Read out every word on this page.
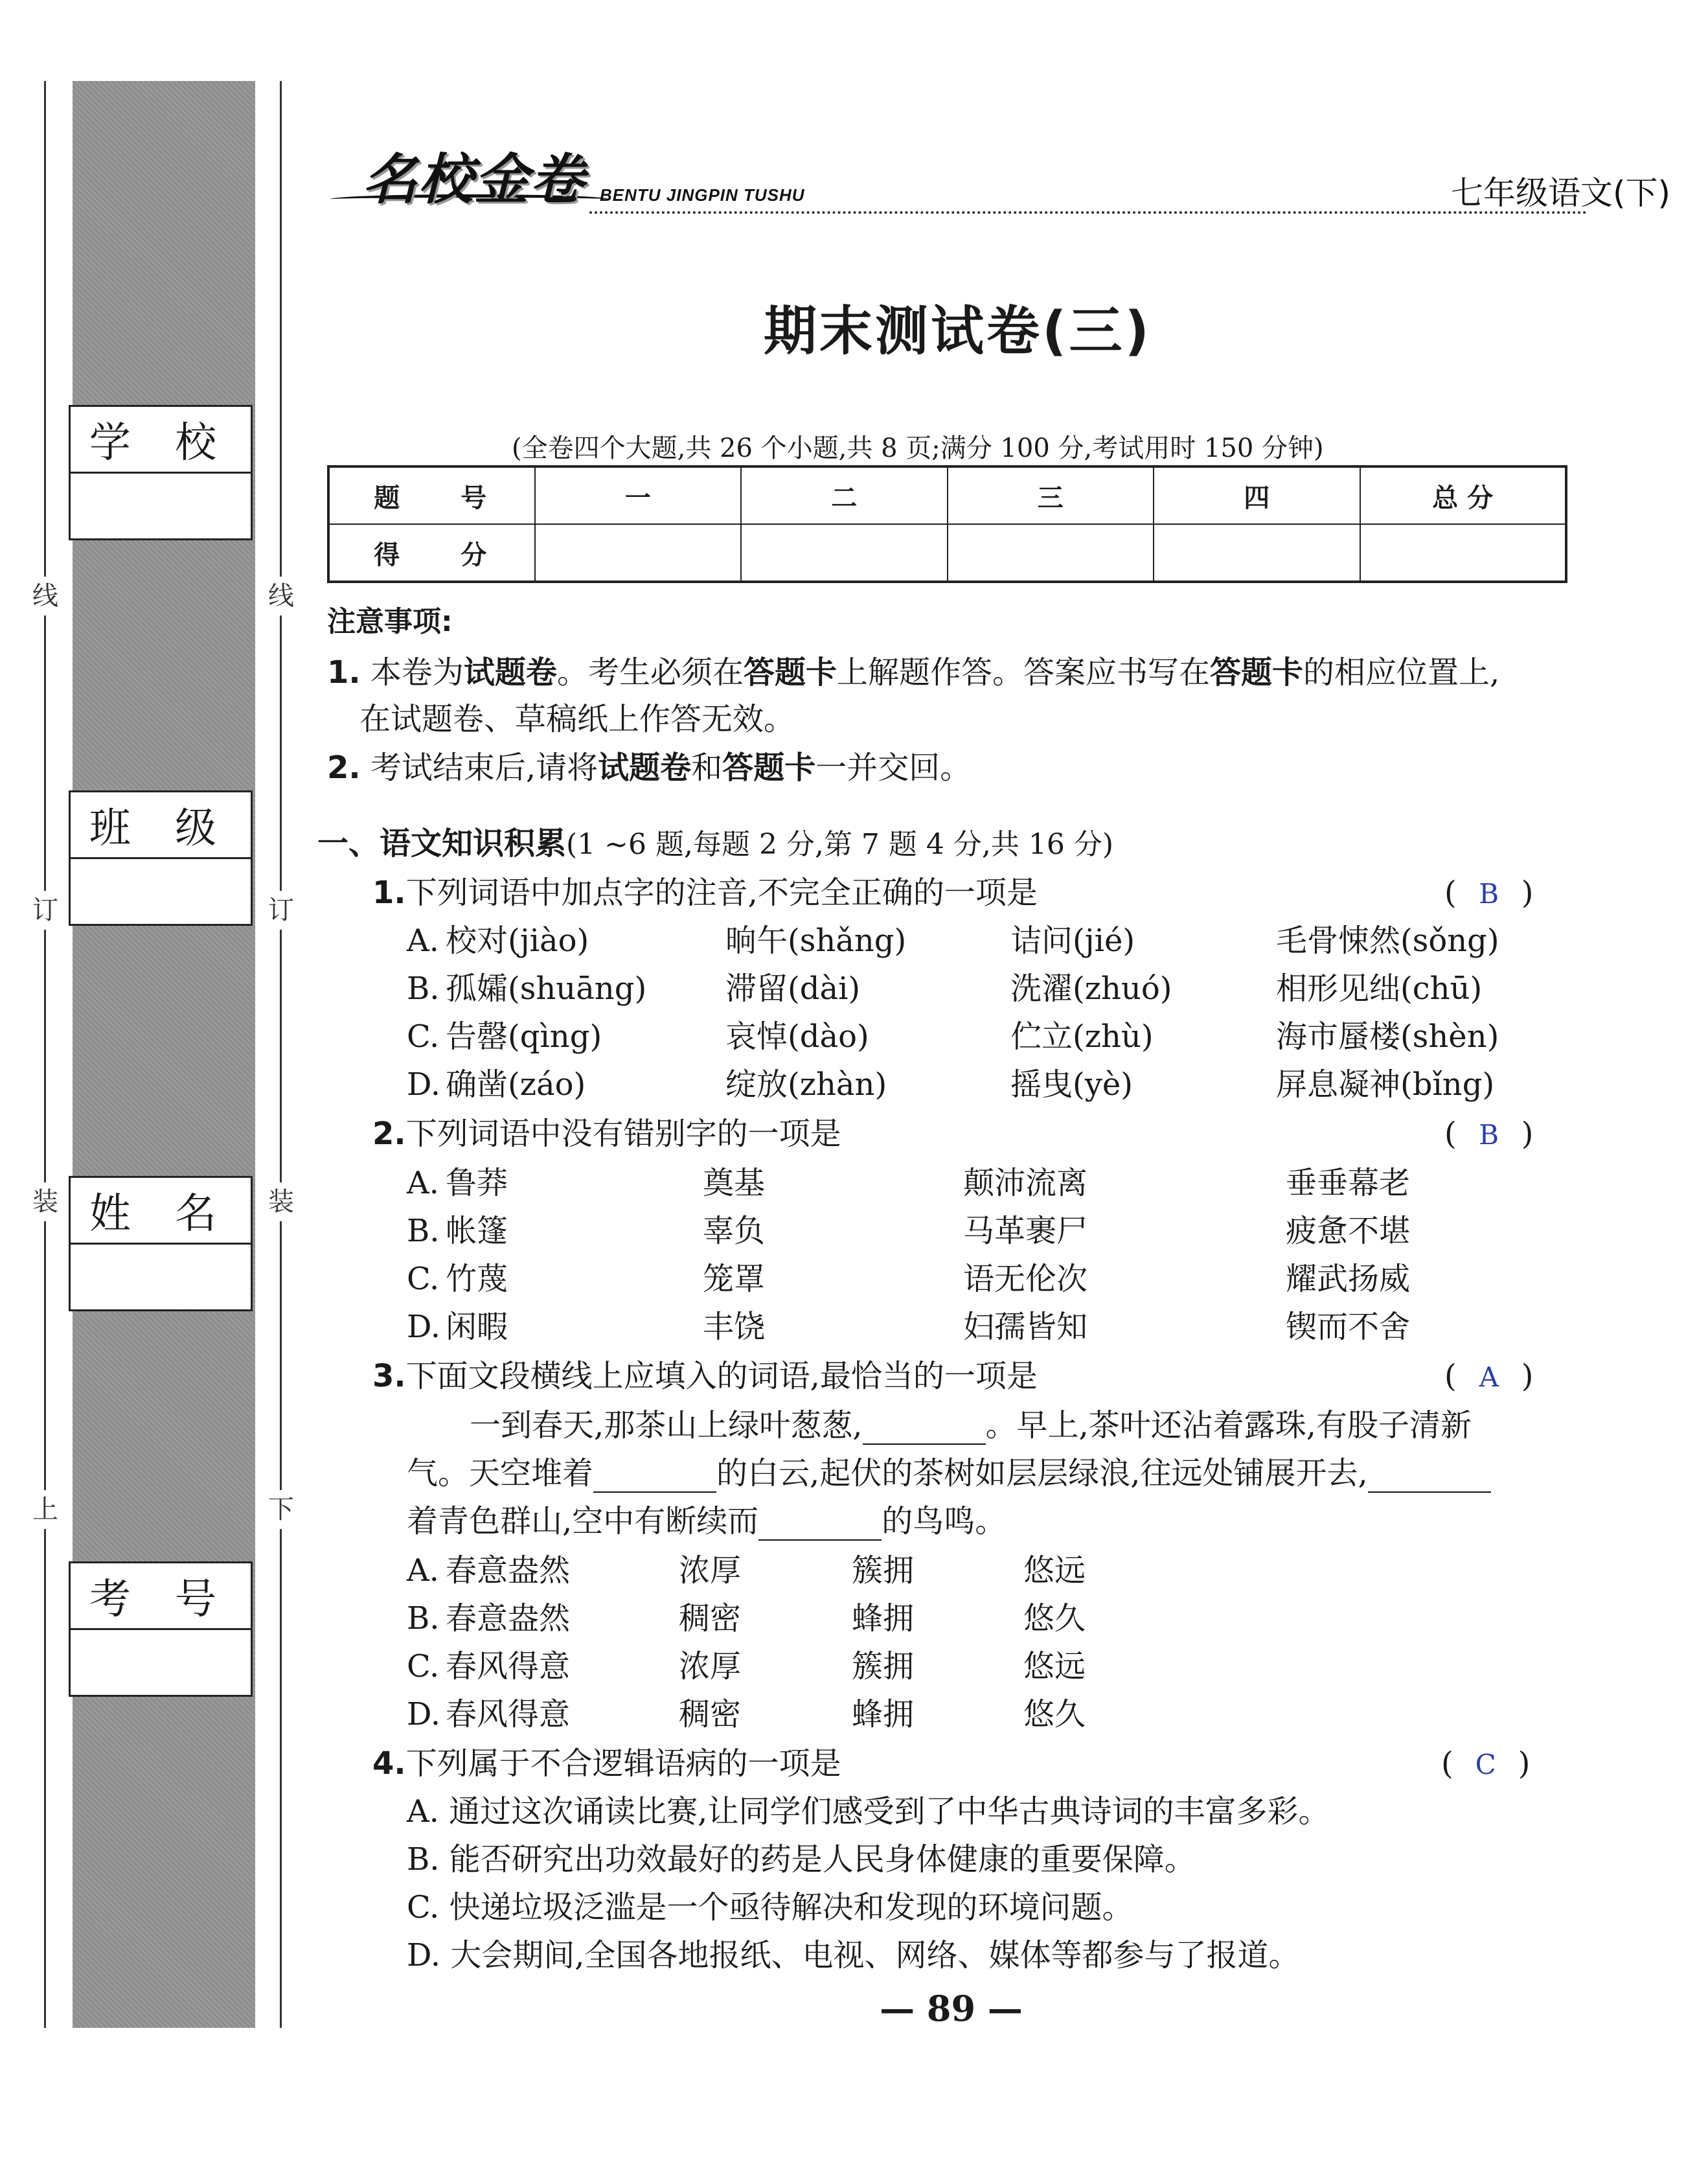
线	线
订	订
装	装
上	下
学 校
班 级
姓 名
考 号
名校金卷 BENTU JINGPIN TUSHU	七年级语文(下)
期末测试卷(三)
(全卷四个大题,共 26 个小题,共 8 页;满分 100 分,考试用时 150 分钟)
题 号	一	二	三	四	总 分
得 分					
注意事项:
1. 本卷为试题卷。考生必须在答题卡上解题作答。答案应书写在答题卡的相应位置上,
在试题卷、草稿纸上作答无效。
2. 考试结束后,请将试题卷和答题卡一并交回。
一、语文知识积累(1 ~6 题,每题 2 分,第 7 题 4 分,共 16 分)
1.下列词语中加点字的注音,不完全正确的一项是	( B )
A. 校对(jiào)	晌午(shǎng)	诘问(jié)	毛骨悚然(sǒng)
B. 孤孀(shuāng)	滞留(dài)	洗濯(zhuó)	相形见绌(chū)
C. 告罄(qìng)	哀悼(dào)	伫立(zhù)	海市蜃楼(shèn)
D. 确凿(záo)	绽放(zhàn)	摇曳(yè)	屏息凝神(bǐng)
2.下列词语中没有错别字的一项是	( B )
A. 鲁莽	奠基	颠沛流离	垂垂幕老
B. 帐篷	辜负	马革裹尸	疲惫不堪
C. 竹蔑	笼罩	语无伦次	耀武扬威
D. 闲暇	丰饶	妇孺皆知	锲而不舍
3.下面文段横线上应填入的词语,最恰当的一项是	( A )
一到春天,那茶山上绿叶葱葱,	。早上,茶叶还沾着露珠,有股子清新
气。天空堆着	的白云,起伏的茶树如层层绿浪,往远处铺展开去,
着青色群山,空中有断续而	的鸟鸣。
A. 春意盎然	浓厚	簇拥	悠远
B. 春意盎然	稠密	蜂拥	悠久
C. 春风得意	浓厚	簇拥	悠远
D. 春风得意	稠密	蜂拥	悠久
4.下列属于不合逻辑语病的一项是	( C )
A. 通过这次诵读比赛,让同学们感受到了中华古典诗词的丰富多彩。
B. 能否研究出功效最好的药是人民身体健康的重要保障。
C. 快递垃圾泛滥是一个亟待解决和发现的环境问题。
D. 大会期间,全国各地报纸、电视、网络、媒体等都参与了报道。
— 89 —
